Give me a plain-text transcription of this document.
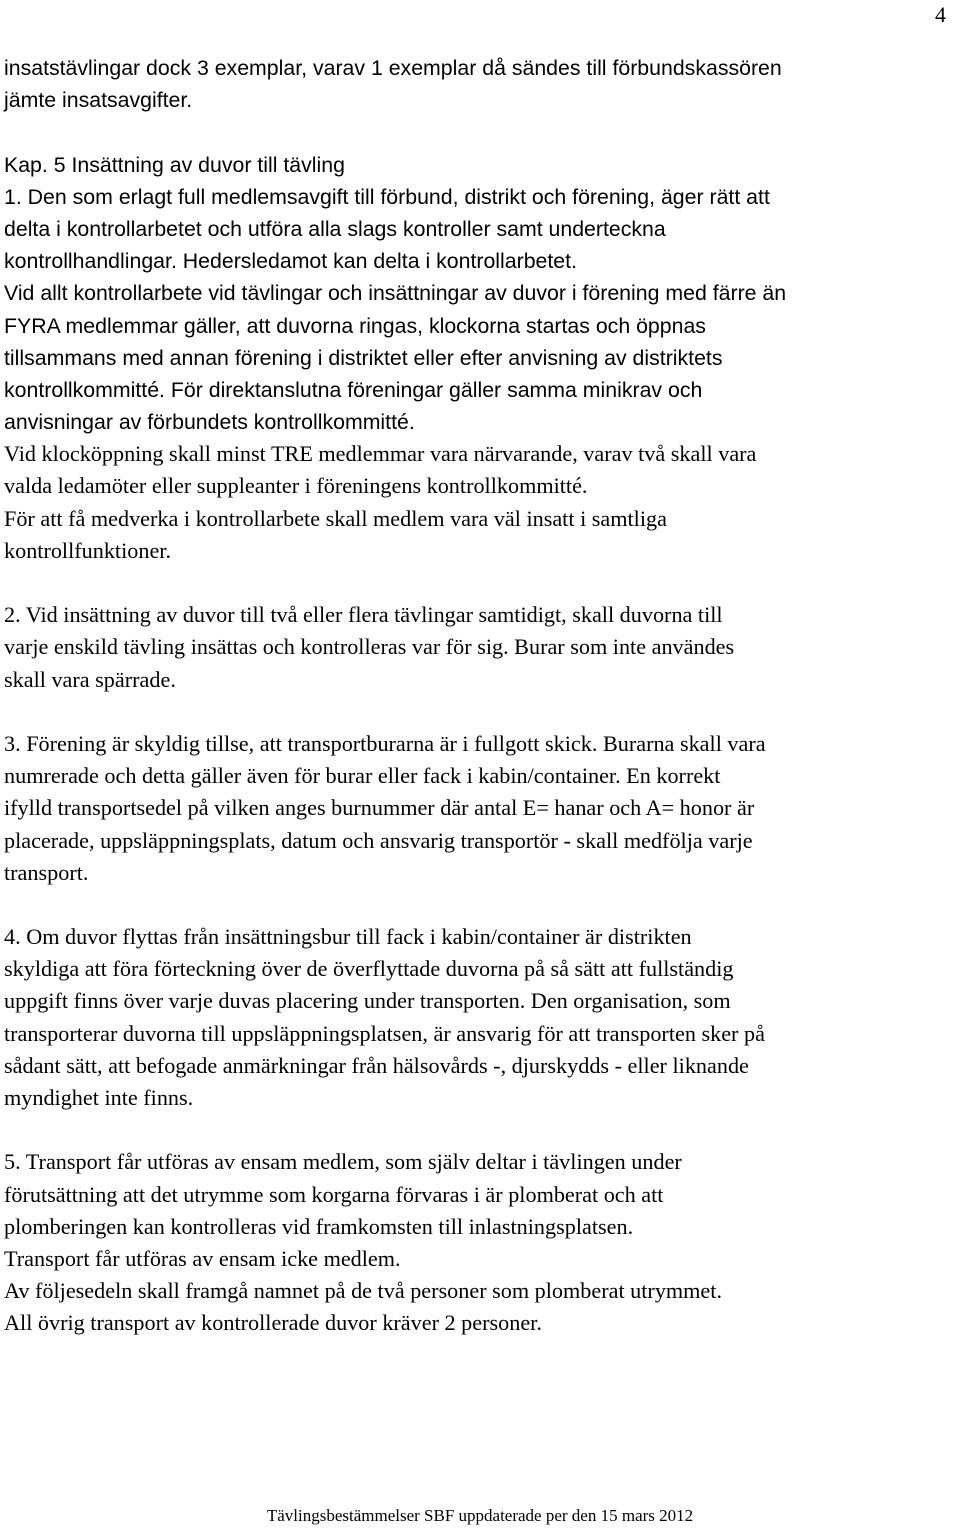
4
insatstävlingar dock 3 exemplar, varav 1 exemplar då sändes till förbundskassören
jämte insatsavgifter.
Kap. 5 Insättning av duvor till tävling
1. Den som erlagt full medlemsavgift till förbund, distrikt och förening, äger rätt att
delta i kontrollarbetet och utföra alla slags kontroller samt underteckna
kontrollhandlingar. Hedersledamot kan delta i kontrollarbetet.
Vid allt kontrollarbete vid tävlingar och insättningar av duvor i förening med färre än
FYRA medlemmar gäller, att duvorna ringas, klockorna startas och öppnas
tillsammans med annan förening i distriktet eller efter anvisning av distriktets
kontrollkommitté. För direktanslutna föreningar gäller samma minikrav och
anvisningar av förbundets kontrollkommitté.
Vid klocköppning skall minst TRE medlemmar vara närvarande, varav två skall vara
valda ledamöter eller suppleanter i föreningens kontrollkommitté.
För att få medverka i kontrollarbete skall medlem vara väl insatt i samtliga
kontrollfunktioner.
2. Vid insättning av duvor till två eller flera tävlingar samtidigt, skall duvorna till
varje enskild tävling insättas och kontrolleras var för sig. Burar som inte användes
skall vara spärrade.
3. Förening är skyldig tillse, att transportburarna är i fullgott skick. Burarna skall vara
numrerade och detta gäller även för burar eller fack i kabin/container. En korrekt
ifylld transportsedel på vilken anges burnummer där antal E= hanar och A= honor är
placerade, uppsläppningsplats, datum och ansvarig transportör - skall medfölja varje
transport.
4. Om duvor flyttas från insättningsbur till fack i kabin/container är distrikten
skyldiga att föra förteckning över de överflyttade duvorna på så sätt att fullständig
uppgift finns över varje duvas placering under transporten. Den organisation, som
transporterar duvorna till uppsläppningsplatsen, är ansvarig för att transporten sker på
sådant sätt, att befogade anmärkningar från hälsovårds -, djurskydds - eller liknande
myndighet inte finns.
5. Transport får utföras av ensam medlem, som själv deltar i tävlingen under
förutsättning att det utrymme som korgarna förvaras i är plomberat och att
plomberingen kan kontrolleras vid framkomsten till inlastningsplatsen.
Transport får utföras av ensam icke medlem.
Av följesedeln skall framgå namnet på de två personer som plomberat utrymmet.
All övrig transport av kontrollerade duvor kräver 2 personer.
Tävlingsbestämmelser SBF uppdaterade per den 15 mars 2012
